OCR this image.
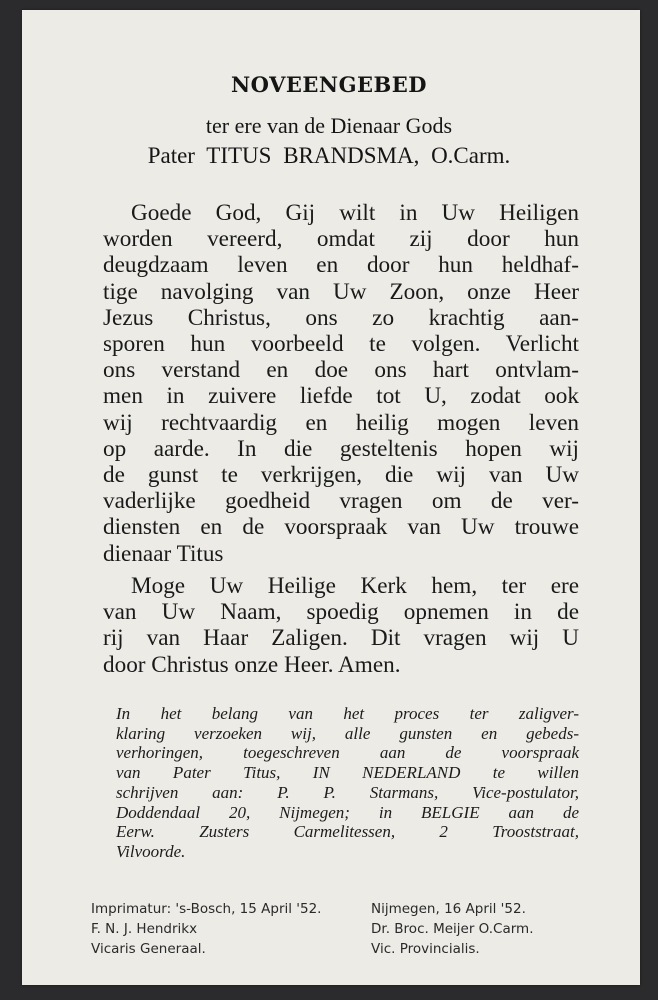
NOVEENGEBED
ter ere van de Dienaar Gods
Pater TITUS BRANDSMA, O.Carm.
Goede God, Gij wilt in Uw Heiligen
worden vereerd, omdat zij door hun
deugdzaam leven en door hun heldhaf-
tige navolging van Uw Zoon, onze Heer
Jezus Christus, ons zo krachtig aan-
sporen hun voorbeeld te volgen. Verlicht
ons verstand en doe ons hart ontvlam-
men in zuivere liefde tot U, zodat ook
wij rechtvaardig en heilig mogen leven
op aarde. In die gesteltenis hopen wij
de gunst te verkrijgen, die wij van Uw
vaderlijke goedheid vragen om de ver-
diensten en de voorspraak van Uw trouwe
dienaar Titus
Moge Uw Heilige Kerk hem, ter ere
van Uw Naam, spoedig opnemen in de
rij van Haar Zaligen. Dit vragen wij U
door Christus onze Heer. Amen.
In het belang van het proces ter zaligver-
klaring verzoeken wij, alle gunsten en gebeds-
verhoringen, toegeschreven aan de voorspraak
van Pater Titus, IN NEDERLAND te willen
schrijven aan: P. P. Starmans, Vice-postulator,
Doddendaal 20, Nijmegen; in BELGIE aan de
Eerw. Zusters Carmelitessen, 2 Trooststraat,
Vilvoorde.
Imprimatur: 's-Bosch, 15 April '52.
F. N. J. Hendrikx
Vicaris Generaal.
Nijmegen, 16 April '52.
Dr. Broc. Meijer O.Carm.
Vic. Provincialis.
